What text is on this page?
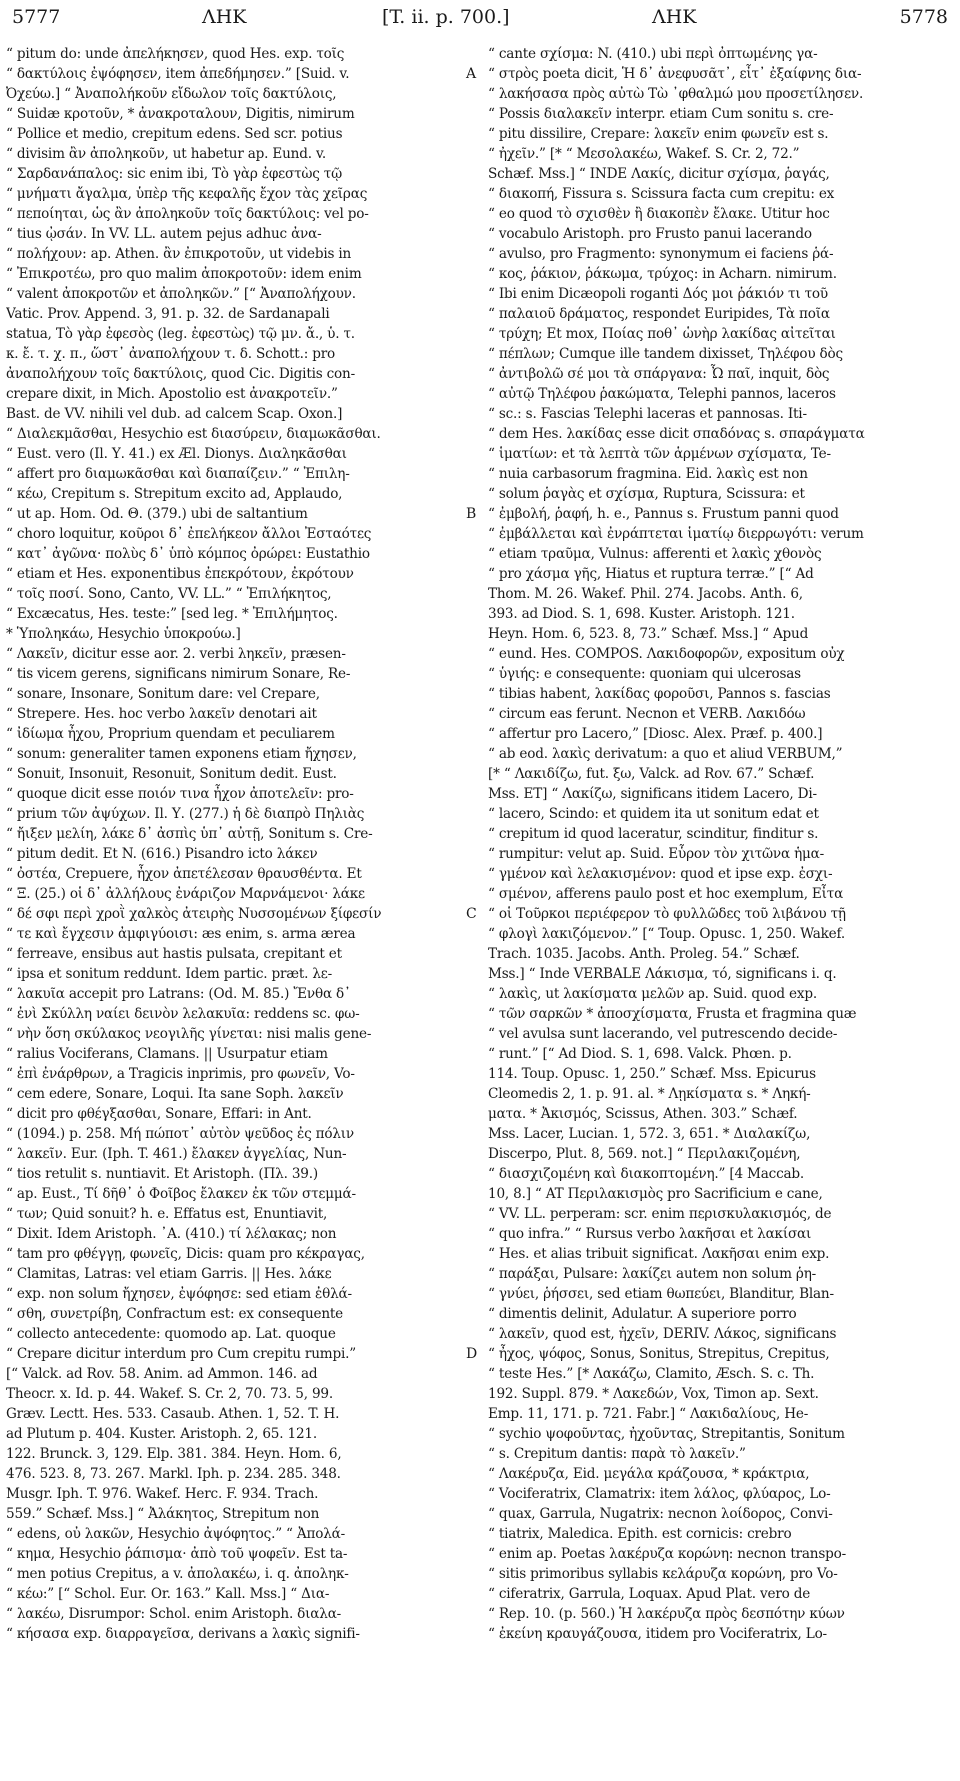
5777	ΛΗΚ	[T. ii. p. 700.]	ΛΗΚ	5778
“ pitum do: unde ἀπελήκησεν, quod Hes. exp. τοῖς
“ δακτύλοις ἐψόφησεν, item ἀπεδήμησεν.” [Suid. v.
Ὀχεύω.] “ Ἀναπολήκοῦν εἴδωλον τοῖς δακτύλοις,
“ Suidæ κροτοῦν, * ἀνακροταλουν, Digitis, nimirum
“ Pollice et medio, crepitum edens. Sed scr. potius
“ divisim ἂν ἀποληκοῦν, ut habetur ap. Eund. v.
“ Σαρδανάπαλος: sic enim ibi, Τὸ γὰρ ἐφεστὼς τῷ
“ μνήματι ἄγαλμα, ὑπὲρ τῆς κεφαλῆς ἔχον τὰς χεῖρας
“ πεποίηται, ὡς ἂν ἀποληκοῦν τοῖς δακτύλοις: vel po-
“ tius ᾠσάν. In VV. LL. autem pejus adhuc ἀνα-
“ πολήχουν: ap. Athen. ἂν ἐπικροτοῦν, ut videbis in
“ Ἐπικροτέω, pro quo malim ἀποκροτοῦν: idem enim
“ valent ἀποκροτῶν et ἀποληκῶν.” [“ Ἀναπολήχουν.
Vatic. Prov. Append. 3, 91. p. 32. de Sardanapali
statua, Τὸ γὰρ ἐφεσὸς (leg. ἐφεστὼς) τῷ μν. ἄ., ὑ. τ.
κ. ἔ. τ. χ. π., ὥστ᾽ ἀναπολήχουν τ. δ. Schott.: pro
ἀναπολήχουν τοῖς δακτύλοις, quod Cic. Digitis con-
crepare dixit, in Mich. Apostolio est ἀνακροτεῖν.”
Bast. de VV. nihili vel dub. ad calcem Scap. Oxon.]
“ Διαλεκμᾶσθαι, Hesychio est διασύρειν, διαμωκᾶσθαι.
“ Eust. vero (Il. Υ. 41.) ex Æl. Dionys. Διαληκᾶσθαι
“ affert pro διαμωκᾶσθαι καὶ διαπαίζειν.” “ Ἐπιλη-
“ κέω, Crepitum s. Strepitum excito ad, Applaudo,
“ ut ap. Hom. Od. Θ. (379.) ubi de saltantium
“ choro loquitur, κοῦροι δ᾽ ἐπελήκεον ἄλλοι Ἐσταότες
“ κατ᾽ ἀγῶνα· πολὺς δ᾽ ὑπὸ κόμπος ὀρώρει: Eustathio
“ etiam et Hes. exponentibus ἐπεκρότουν, ἐκρότουν
“ τοῖς ποσί. Sono, Canto, VV. LL.” “ Ἐπιλήκητος,
“ Excæcatus, Hes. teste:” [sed leg. * Ἐπιλήμητος.
* Ὑποληκάω, Hesychio ὑποκρούω.]
“ Λακεῖν, dicitur esse aor. 2. verbi ληκεῖν, præsen-
“ tis vicem gerens, significans nimirum Sonare, Re-
“ sonare, Insonare, Sonitum dare: vel Crepare,
“ Strepere. Hes. hoc verbo λακεῖν denotari ait
“ ἰδίωμα ἦχου, Proprium quendam et peculiarem
“ sonum: generaliter tamen exponens etiam ἤχησεν,
“ Sonuit, Insonuit, Resonuit, Sonitum dedit. Eust.
“ quoque dicit esse ποιόν τινα ἦχον ἀποτελεῖν: pro-
“ prium τῶν ἀψύχων. Il. Υ. (277.) ἡ δὲ διαπρὸ Πηλιὰς
“ ἤιξεν μελίη, λάκε δ᾽ ἀσπὶς ὑπ᾽ αὐτῇ, Sonitum s. Cre-
“ pitum dedit. Et N. (616.) Pisandro icto λάκεν
“ ὀστέα, Crepuere, ἦχον ἀπετέλεσαν θραυσθέντα. Et
“ Ξ. (25.) οἱ δ᾽ ἀλλήλους ἐνάριζον Μαρνάμενοι· λάκε
“ δέ σφι περὶ χροῒ χαλκὸς ἀτειρὴς Νυσσομένων ξίφεσίν
“ τε καὶ ἔγχεσιν ἀμφιγύοισι: æs enim, s. arma ærea
“ ferreave, ensibus aut hastis pulsata, crepitant et
“ ipsa et sonitum reddunt. Idem partic. præt. λε-
“ λακυῖα accepit pro Latrans: (Od. M. 85.) Ἔνθα δ᾽
“ ἐνὶ Σκύλλη ναίει δεινὸν λελακυῖα: reddens sc. φω-
“ νὴν ὅση σκύλακος νεογιλῆς γίνεται: nisi malis gene-
“ ralius Vociferans, Clamans. || Usurpatur etiam
“ ἐπὶ ἐνάρθρων, a Tragicis inprimis, pro φωνεῖν, Vo-
“ cem edere, Sonare, Loqui. Ita sane Soph. λακεῖν
“ dicit pro φθέγξασθαι, Sonare, Effari: in Ant.
“ (1094.) p. 258. Μή πώποτ᾽ αὐτὸν ψεῦδος ἐς πόλιν
“ λακεῖν. Eur. (Iph. T. 461.) ἔλακεν ἀγγελίας, Nun-
“ tios retulit s. nuntiavit. Et Aristoph. (Πλ. 39.)
“ ap. Eust., Τί δῆθ᾽ ὁ Φοῖβος ἔλακεν ἐκ τῶν στεμμά-
“ των; Quid sonuit? h. e. Effatus est, Enuntiavit,
“ Dixit. Idem Aristoph. ᾽Α. (410.) τί λέλακας; non
“ tam pro φθέγγῃ, φωνεῖς, Dicis: quam pro κέκραγας,
“ Clamitas, Latras: vel etiam Garris. || Hes. λάκε
“ exp. non solum ἤχησεν, ἐψόφησε: sed etiam ἐθλά-
“ σθη, συνετρίβη, Confractum est: ex consequente
“ collecto antecedente: quomodo ap. Lat. quoque
“ Crepare dicitur interdum pro Cum crepitu rumpi.”
[“ Valck. ad Rov. 58. Anim. ad Ammon. 146. ad
Theocr. x. Id. p. 44. Wakef. S. Cr. 2, 70. 73. 5, 99.
Græv. Lectt. Hes. 533. Casaub. Athen. 1, 52. T. H.
ad Plutum p. 404. Kuster. Aristoph. 2, 65. 121.
122. Brunck. 3, 129. Elp. 381. 384. Heyn. Hom. 6,
476. 523. 8, 73. 267. Markl. Iph. p. 234. 285. 348.
Musgr. Iph. T. 976. Wakef. Herc. F. 934. Trach.
559.” Schæf. Mss.] “ Ἀλάκητος, Strepitum non
“ edens, οὐ λακῶν, Hesychio ἀψόφητος.” “ Ἀπολά-
“ κημα, Hesychio ῥάπισμα· ἀπὸ τοῦ ψοφεῖν. Est ta-
“ men potius Crepitus, a v. ἀπολακέω, i. q. ἀποληκ-
“ κέω:” [“ Schol. Eur. Or. 163.” Kall. Mss.] “ Δια-
“ λακέω, Disrumpor: Schol. enim Aristoph. διαλα-
“ κήσασα exp. διαρραγεῖσα, derivans a λακὶς signifi-
“ cante σχίσμα: N. (410.) ubi περὶ ὀπτωμένης γα-
“ στρὸς poeta dicit, Ἡ δ᾽ ἀνεφυσᾶτ᾽, εἶτ᾽ ἐξαίφνης δια-
“ λακήσασα πρὸς αὐτὼ Τὼ ᾽φθαλμώ μου προσετίλησεν.
“ Possis διαλακεῖν interpr. etiam Cum sonitu s. cre-
“ pitu dissilire, Crepare: λακεῖν enim φωνεῖν est s.
“ ἠχεῖν.” [* “ Μεσολακέω, Wakef. S. Cr. 2, 72.”
Schæf. Mss.] “ INDE Λακίς, dicitur σχίσμα, ῥαγάς,
“ διακοπή, Fissura s. Scissura facta cum crepitu: ex
“ eo quod τὸ σχισθὲν ἢ διακοπὲν ἔλακε. Utitur hoc
“ vocabulo Aristoph. pro Frusto panui lacerando
“ avulso, pro Fragmento: synonymum ei faciens ῥά-
“ κος, ῥάκιον, ῥάκωμα, τρύχος: in Acharn. nimirum.
“ Ibi enim Dicæopoli roganti Δός μοι ῥάκιόν τι τοῦ
“ παλαιοῦ δράματος, respondet Euripides, Τὰ ποῖα
“ τρύχη; Et mox, Ποίας ποθ᾽ ὡνὴρ λακίδας αἰτεῖται
“ πέπλων; Cumque ille tandem dixisset, Τηλέφου δὸς
“ ἀντιβολῶ σέ μοι τὰ σπάργανα: Ὦ παῖ, inquit, δὸς
“ αὐτῷ Τηλέφου ῥακώματα, Telephi pannos, laceros
“ sc.: s. Fascias Telephi laceras et pannosas. Iti-
“ dem Hes. λακίδας esse dicit σπαδόνας s. σπαράγματα
“ ἱματίων: et τὰ λεπτὰ τῶν ἁρμένων σχίσματα, Te-
“ nuia carbasorum fragmina. Eid. λακὶς est non
“ solum ῥαγὰς et σχίσμα, Ruptura, Scissura: et
“ ἐμβολή, ῥαφή, h. e., Pannus s. Frustum panni quod
“ ἐμβάλλεται καὶ ἐνράπτεται ἱματίῳ διερρωγότι: verum
“ etiam τραῦμα, Vulnus: afferenti et λακὶς χθονὸς
“ pro χάσμα γῆς, Hiatus et ruptura terræ.” [“ Ad
Thom. M. 26. Wakef. Phil. 274. Jacobs. Anth. 6,
393. ad Diod. S. 1, 698. Kuster. Aristoph. 121.
Heyn. Hom. 6, 523. 8, 73.” Schæf. Mss.] “ Apud
“ eund. Hes. COMPOS. Λακιδοφορῶν, expositum οὐχ
“ ὑγιής: e consequente: quoniam qui ulcerosas
“ tibias habent, λακίδας φοροῦσι, Pannos s. fascias
“ circum eas ferunt. Necnon et VERB. Λακιδόω
“ affertur pro Lacero,” [Diosc. Alex. Præf. p. 400.]
“ ab eod. λακὶς derivatum: a quo et aliud VERBUM,”
[* “ Λακιδίζω, fut. ξω, Valck. ad Rov. 67.” Schæf.
Mss. ET] “ Λακίζω, significans itidem Lacero, Di-
“ lacero, Scindo: et quidem ita ut sonitum edat et
“ crepitum id quod laceratur, scinditur, finditur s.
“ rumpitur: velut ap. Suid. Εὗρον τὸν χιτῶνα ἡμα-
“ γμένον καὶ λελακισμένον: quod et ipse exp. ἐσχι-
“ σμένον, afferens paulo post et hoc exemplum, Εἶτα
“ οἱ Τοῦρκοι περιέφερον τὸ φυλλῶδες τοῦ λιβάνου τῇ
“ φλογὶ λακιζόμενον.” [“ Toup. Opusc. 1, 250. Wakef.
Trach. 1035. Jacobs. Anth. Proleg. 54.” Schæf.
Mss.] “ Inde VERBALE Λάκισμα, τό, significans i. q.
“ λακὶς, ut λακίσματα μελῶν ap. Suid. quod exp.
“ τῶν σαρκῶν * ἀποσχίσματα, Frusta et fragmina quæ
“ vel avulsa sunt lacerando, vel putrescendo decide-
“ runt.” [“ Ad Diod. S. 1, 698. Valck. Phœn. p.
114. Toup. Opusc. 1, 250.” Schæf. Mss. Epicurus
Cleomedis 2, 1. p. 91. al. * Λῃκίσματα s. * Ληκή-
ματα. * Ἀκισμός, Scissus, Athen. 303.” Schæf.
Mss. Lacer, Lucian. 1, 572. 3, 651. * Διαλακίζω,
Discerpo, Plut. 8, 569. not.] “ Περιλακιζομένη,
“ διασχιζομένη καὶ διακοπτομένη.” [4 Maccab.
10, 8.] “ AT Περιλακισμὸς pro Sacrificium e cane,
“ VV. LL. perperam: scr. enim περισκυλακισμός, de
“ quo infra.” “ Rursus verbo λακῆσαι et λακίσαι
“ Hes. et alias tribuit significat. Λακῆσαι enim exp.
“ παράξαι, Pulsare: λακίζει autem non solum ῥη-
“ γνύει, ῥήσσει, sed etiam θωπεύει, Blanditur, Blan-
“ dimentis delinit, Adulatur. A superiore porro
“ λακεῖν, quod est, ἠχεῖν, DERIV. Λάκος, significans
“ ἦχος, ψόφος, Sonus, Sonitus, Strepitus, Crepitus,
“ teste Hes.” [* Λακάζω, Clamito, Æsch. S. c. Th.
192. Suppl. 879. * Λακεδών, Vox, Timon ap. Sext.
Emp. 11, 171. p. 721. Fabr.] “ Λακιδαλίους, He-
“ sychio ψοφοῦντας, ἠχοῦντας, Strepitantis, Sonitum
“ s. Crepitum dantis: παρὰ τὸ λακεῖν.”
“ Λακέρυζα, Eid. μεγάλα κράζουσα, * κράκτρια,
“ Vociferatrix, Clamatrix: item λάλος, φλύαρος, Lo-
“ quax, Garrula, Nugatrix: necnon λοίδορος, Convi-
“ tiatrix, Maledica. Epith. est cornicis: crebro
“ enim ap. Poetas λακέρυζα κορώνη: necnon transpo-
“ sitis primoribus syllabis κελάρυζα κορώνη, pro Vo-
“ ciferatrix, Garrula, Loquax. Apud Plat. vero de
“ Rep. 10. (p. 560.) Ἡ λακέρυζα πρὸς δεσπότην κύων
“ ἐκείνη κραυγάζουσα, itidem pro Vociferatrix, Lo-
A
B
C
D
